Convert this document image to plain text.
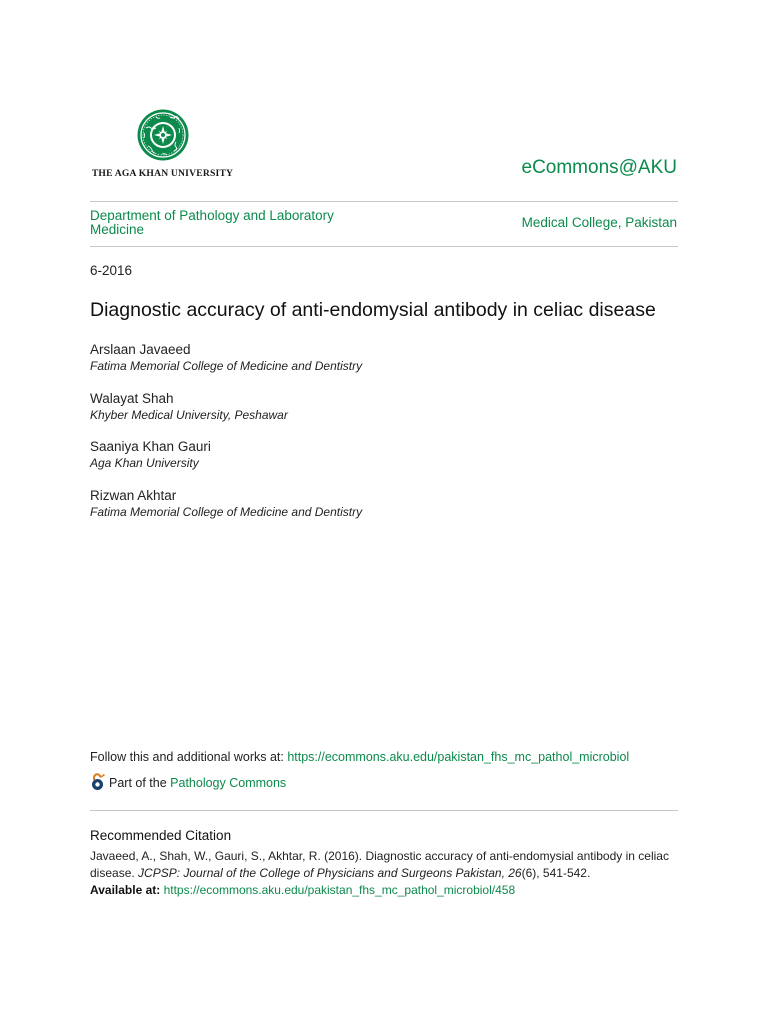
THE AGA KHAN UNIVERSITY	eCommons@AKU
Department of Pathology and Laboratory Medicine	Medical College, Pakistan
6-2016
Diagnostic accuracy of anti-endomysial antibody in celiac disease
Arslaan Javaeed
Fatima Memorial College of Medicine and Dentistry
Walayat Shah
Khyber Medical University, Peshawar
Saaniya Khan Gauri
Aga Khan University
Rizwan Akhtar
Fatima Memorial College of Medicine and Dentistry
Follow this and additional works at: https://ecommons.aku.edu/pakistan_fhs_mc_pathol_microbiol
Part of the Pathology Commons
Recommended Citation
Javaeed, A., Shah, W., Gauri, S., Akhtar, R. (2016). Diagnostic accuracy of anti-endomysial antibody in celiac disease. JCPSP: Journal of the College of Physicians and Surgeons Pakistan, 26(6), 541-542.
Available at: https://ecommons.aku.edu/pakistan_fhs_mc_pathol_microbiol/458
